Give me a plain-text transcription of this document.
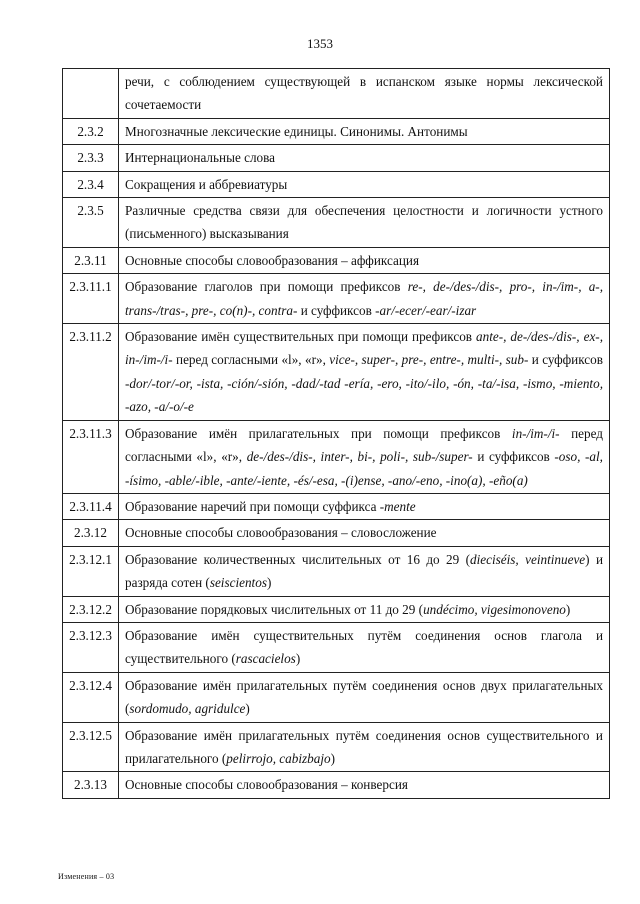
1353
	речи, с соблюдением существующей в испанском языке нормы лексической сочетаемости
2.3.2	Многозначные лексические единицы. Синонимы. Антонимы
2.3.3	Интернациональные слова
2.3.4	Сокращения и аббревиатуры
2.3.5	Различные средства связи для обеспечения целостности и логичности устного (письменного) высказывания
2.3.11	Основные способы словообразования – аффиксация
2.3.11.1	Образование глаголов при помощи префиксов re-, de-/des-/dis-, pro-, in-/im-, a-, trans-/tras-, pre-, co(n)-, contra- и суффиксов -ar/-ecer/-ear/-izar
2.3.11.2	Образование имён существительных при помощи префиксов ante-, de-/des-/dis-, ex-, in-/im-/i- перед согласными «l», «r», vice-, super-, pre-, entre-, multi-, sub- и суффиксов -dor/-tor/-or, -ista, -ción/-sión, -dad/-tad -ería, -ero, -ito/-ilo, -ón, -ta/-isa, -ismo, -miento, -azo, -a/-o/-e
2.3.11.3	Образование имён прилагательных при помощи префиксов in-/im-/i- перед согласными «l», «r», de-/des-/dis-, inter-, bi-, poli-, sub-/super- и суффиксов -oso, -al, -ísimo, -able/-ible, -ante/-iente, -és/-esa, -(i)ense, -ano/-eno, -ino(a), -eño(a)
2.3.11.4	Образование наречий при помощи суффикса -mente
2.3.12	Основные способы словообразования – словосложение
2.3.12.1	Образование количественных числительных от 16 до 29 (dieciséis, veintinueve) и разряда сотен (seiscientos)
2.3.12.2	Образование порядковых числительных от 11 до 29 (undécimo, vigesimonoveno)
2.3.12.3	Образование имён существительных путём соединения основ глагола и существительного (rascacielos)
2.3.12.4	Образование имён прилагательных путём соединения основ двух прилагательных (sordomudo, agridulce)
2.3.12.5	Образование имён прилагательных путём соединения основ существительного и прилагательного (pelirrojo, cabizbajo)
2.3.13	Основные способы словообразования – конверсия
Изменения – 03
